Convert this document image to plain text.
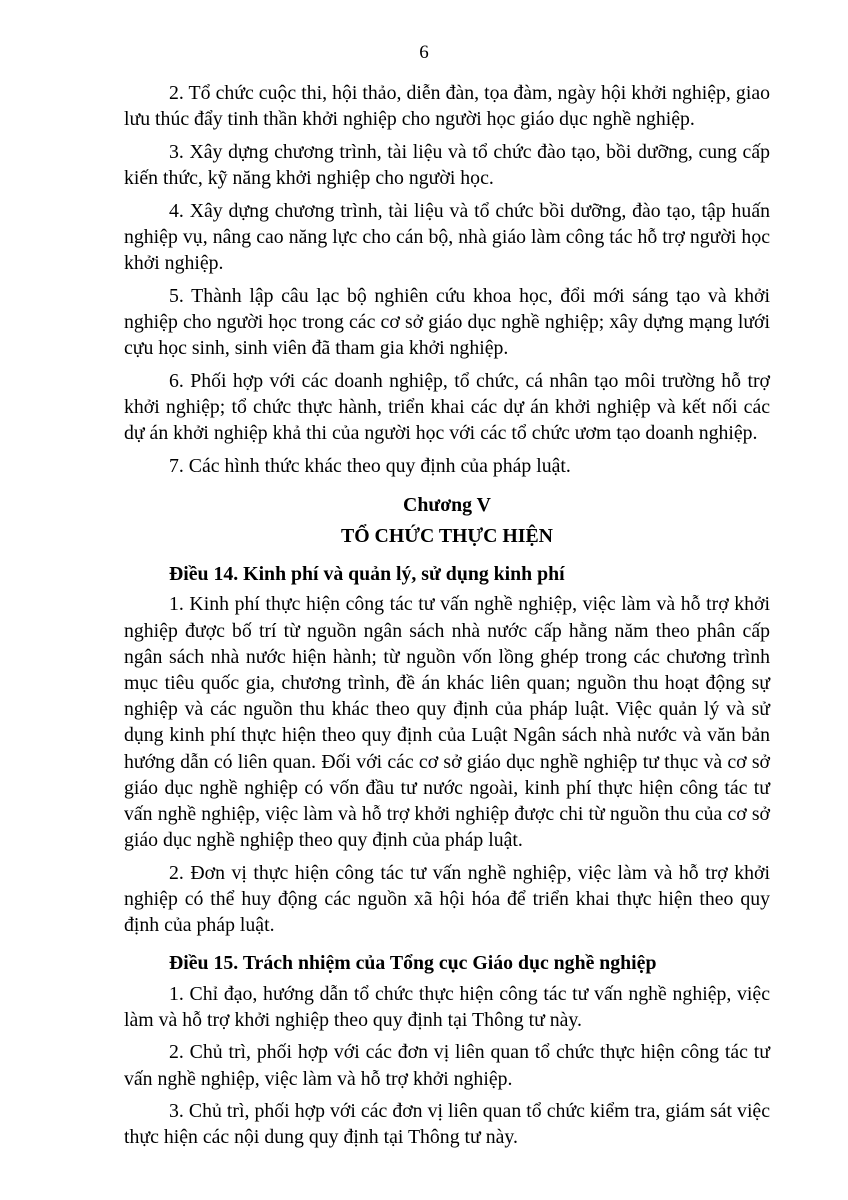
6

2. Tổ chức cuộc thi, hội thảo, diễn đàn, tọa đàm, ngày hội khởi nghiệp, giao lưu thúc đẩy tinh thần khởi nghiệp cho người học giáo dục nghề nghiệp.

3. Xây dựng chương trình, tài liệu và tổ chức đào tạo, bồi dưỡng, cung cấp kiến thức, kỹ năng khởi nghiệp cho người học.

4. Xây dựng chương trình, tài liệu và tổ chức bồi dưỡng, đào tạo, tập huấn nghiệp vụ, nâng cao năng lực cho cán bộ, nhà giáo làm công tác hỗ trợ người học khởi nghiệp.

5. Thành lập câu lạc bộ nghiên cứu khoa học, đổi mới sáng tạo và khởi nghiệp cho người học trong các cơ sở giáo dục nghề nghiệp; xây dựng mạng lưới cựu học sinh, sinh viên đã tham gia khởi nghiệp.

6. Phối hợp với các doanh nghiệp, tổ chức, cá nhân tạo môi trường hỗ trợ khởi nghiệp; tổ chức thực hành, triển khai các dự án khởi nghiệp và kết nối các dự án khởi nghiệp khả thi của người học với các tổ chức ươm tạo doanh nghiệp.

7. Các hình thức khác theo quy định của pháp luật.

Chương V
TỔ CHỨC THỰC HIỆN

Điều 14. Kinh phí và quản lý, sử dụng kinh phí

1. Kinh phí thực hiện công tác tư vấn nghề nghiệp, việc làm và hỗ trợ khởi nghiệp được bố trí từ nguồn ngân sách nhà nước cấp hằng năm theo phân cấp ngân sách nhà nước hiện hành; từ nguồn vốn lồng ghép trong các chương trình mục tiêu quốc gia, chương trình, đề án khác liên quan; nguồn thu hoạt động sự nghiệp và các nguồn thu khác theo quy định của pháp luật. Việc quản lý và sử dụng kinh phí thực hiện theo quy định của Luật Ngân sách nhà nước và văn bản hướng dẫn có liên quan. Đối với các cơ sở giáo dục nghề nghiệp tư thục và cơ sở giáo dục nghề nghiệp có vốn đầu tư nước ngoài, kinh phí thực hiện công tác tư vấn nghề nghiệp, việc làm và hỗ trợ khởi nghiệp được chi từ nguồn thu của cơ sở giáo dục nghề nghiệp theo quy định của pháp luật.

2. Đơn vị thực hiện công tác tư vấn nghề nghiệp, việc làm và hỗ trợ khởi nghiệp có thể huy động các nguồn xã hội hóa để triển khai thực hiện theo quy định của pháp luật.

Điều 15. Trách nhiệm của Tổng cục Giáo dục nghề nghiệp

1. Chỉ đạo, hướng dẫn tổ chức thực hiện công tác tư vấn nghề nghiệp, việc làm và hỗ trợ khởi nghiệp theo quy định tại Thông tư này.

2. Chủ trì, phối hợp với các đơn vị liên quan tổ chức thực hiện công tác tư vấn nghề nghiệp, việc làm và hỗ trợ khởi nghiệp.

3. Chủ trì, phối hợp với các đơn vị liên quan tổ chức kiểm tra, giám sát việc thực hiện các nội dung quy định tại Thông tư này.
